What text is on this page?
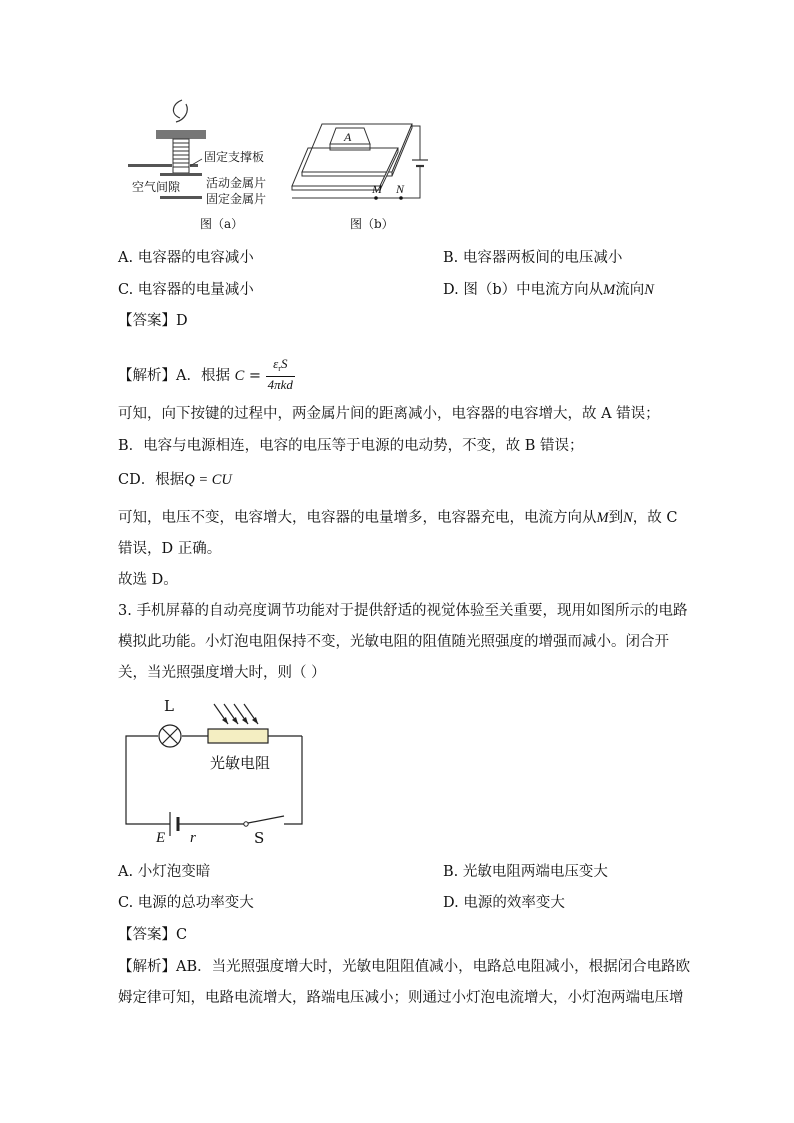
固定支撑板
空气间隙 活动金属片
固定金属片
图（a）
A
M N
图（b）
A. 电容器的电容减小	B. 电容器两板间的电压减小
C. 电容器的电量减小	D. 图（b）中电流方向从M流向N
【答案】D
【解析】A．根据 $C = \frac{\varepsilon_rS}{\text{4πkd}}$
可知，向下按键的过程中，两金属片间的距离减小，电容器的电容增大，故 A 错误；
B．电容与电源相连，电容的电压等于电源的电动势，不变，故 B 错误；
CD．根据Q = CU
可知，电压不变，电容增大，电容器的电量增多，电容器充电，电流方向从M到N，故 C
错误，D 正确。
故选 D。
3. 手机屏幕的自动亮度调节功能对于提供舒适的视觉体验至关重要，现用如图所示的电路
模拟此功能。小灯泡电阻保持不变，光敏电阻的阻值随光照强度的增强而减小。闭合开
关，当光照强度增大时，则（ ）
L
光敏电阻
E r	S
A. 小灯泡变暗	B. 光敏电阻两端电压变大
C. 电源的总功率变大	D. 电源的效率变大
【答案】C
【解析】AB．当光照强度增大时，光敏电阻阻值减小，电路总电阻减小，根据闭合电路欧
姆定律可知，电路电流增大，路端电压减小；则通过小灯泡电流增大，小灯泡两端电压增
